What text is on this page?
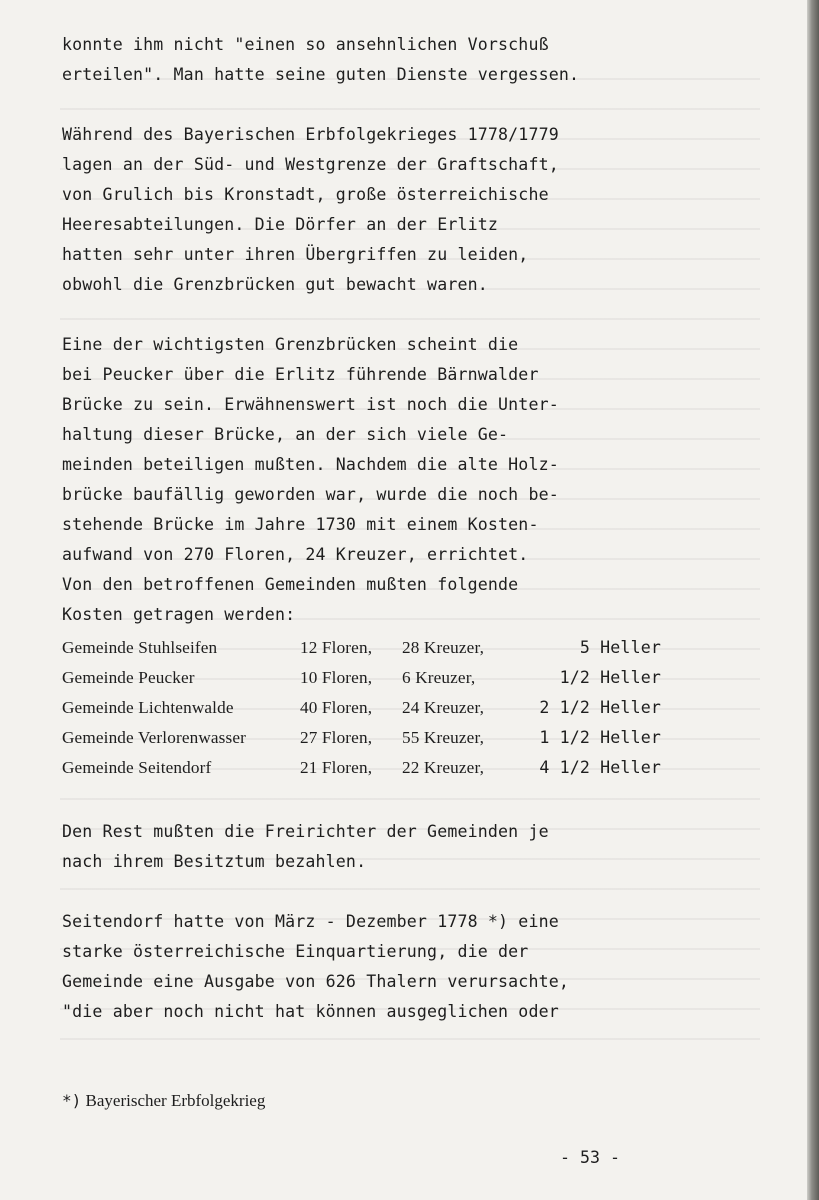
konnte ihm nicht "einen so ansehnlichen Vorschuß

erteilen". Man hatte seine guten Dienste vergessen.

Während des Bayerischen Erbfolgekrieges 1778/1779

lagen an der Süd- und Westgrenze der Graftschaft,

von Grulich bis Kronstadt, große österreichische

Heeresabteilungen. Die Dörfer an der Erlitz

hatten sehr unter ihren Übergriffen zu leiden,

obwohl die Grenzbrücken gut bewacht waren.

Eine der wichtigsten Grenzbrücken scheint die

bei Peucker über die Erlitz führende Bärnwalder

Brücke zu sein. Erwähnenswert ist noch die Unter-

haltung dieser Brücke, an der sich viele Ge-

meinden beteiligen mußten. Nachdem die alte Holz-

brücke baufällig geworden war, wurde die noch be-

stehende Brücke im Jahre 1730 mit einem Kosten-

aufwand von 270 Floren, 24 Kreuzer, errichtet.

Von den betroffenen Gemeinden mußten folgende

Kosten getragen werden:

Gemeinde Stuhlseifen	12 Floren,	28 Kreuzer,	5 Heller
Gemeinde Peucker	10 Floren,	6 Kreuzer,	1/2 Heller
Gemeinde Lichtenwalde	40 Floren,	24 Kreuzer,	2 1/2 Heller
Gemeinde Verlorenwasser	27 Floren,	55 Kreuzer,	1 1/2 Heller
Gemeinde Seitendorf	21 Floren,	22 Kreuzer,	4 1/2 Heller

Den Rest mußten die Freirichter der Gemeinden je

nach ihrem Besitztum bezahlen.

Seitendorf hatte von März - Dezember 1778 *) eine

starke österreichische Einquartierung, die der

Gemeinde eine Ausgabe von 626 Thalern verursachte,

"die aber noch nicht hat können ausgeglichen oder

*) Bayerischer Erbfolgekrieg
- 53 -
